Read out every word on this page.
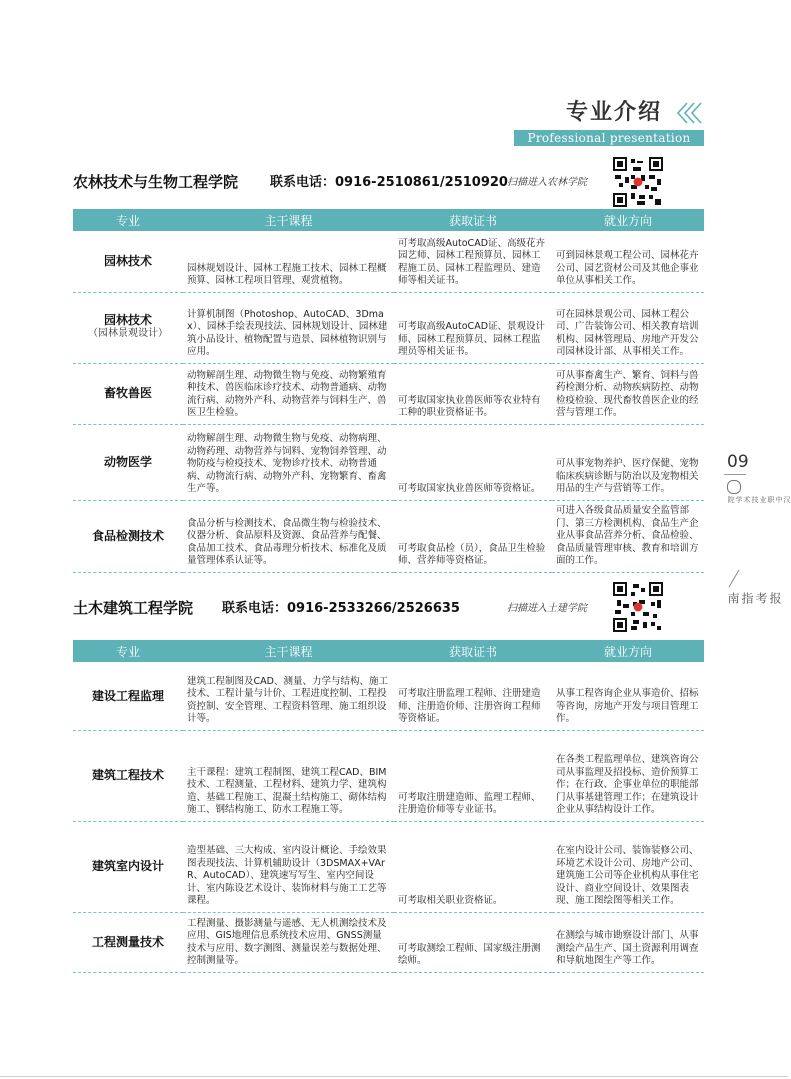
专业介绍
Professional presentation
农林技术与生物工程学院 联系电话：0916-2510861/2510920 扫描进入农林学院
专业	主干课程	获取证书	就业方向
园林技术	园林规划设计、园林工程施工技术、园林工程概预算、园林工程项目管理、观赏植物。	可考取高级AutoCAD证、高级花卉园艺师、园林工程预算员、园林工程施工员、园林工程监理员、建造师等相关证书。	可到园林景观工程公司、园林花卉公司、园艺资材公司及其他企事业单位从事相关工作。
园林技术
（园林景观设计）	计算机制图（Photoshop、AutoCAD、3Dmax）、园林手绘表现技法、园林规划设计、园林建筑小品设计、植物配置与造景、园林植物识别与应用。	可考取高级AutoCAD证、景观设计师、园林工程预算员、园林工程监理员等相关证书。	可在园林景观公司、园林工程公司、广告装饰公司、相关教育培训机构、园林管理局、房地产开发公司园林设计部、从事相关工作。
畜牧兽医	动物解剖生理、动物微生物与免疫、动物繁殖育种技术、兽医临床诊疗技术、动物普通病、动物流行病、动物外产科、动物营养与饲料生产、兽医卫生检验。	可考取国家执业兽医师等农业特有工种的职业资格证书。	可从事畜禽生产、繁育、饲料与兽药检测分析、动物疾病防控、动物检疫检验、现代畜牧兽医企业的经营与管理工作。
动物医学	动物解剖生理、动物微生物与免疫、动物病理、动物药理、动物营养与饲料、宠物饲养管理、动物防疫与检疫技术、宠物诊疗技术、动物普通病、动物流行病、动物外产科、宠物繁育、畜禽生产等。	可考取国家执业兽医师等资格证。	可从事宠物养护、医疗保健、宠物临床疾病诊断与防治以及宠物相关用品的生产与营销等工作。
食品检测技术	食品分析与检测技术、食品微生物与检验技术、仪器分析、食品原料及资源、食品营养与配餐、食品加工技术、食品毒理分析技术、标准化及质量管理体系认证等。	可考取食品检（员），食品卫生检验师、营养师等资格证。	可进入各级食品质量安全监管部门、第三方检测机构、食品生产企业从事食品营养分析、食品检验、食品质量管理审核、教育和培训方面的工作。
土木建筑工程学院 联系电话：0916-2533266/2526635	扫描进入土建学院
专业	主干课程	获取证书	就业方向
建设工程监理	建筑工程制图及CAD、测量、力学与结构、施工技术、工程计量与计价、工程进度控制、工程投资控制、安全管理、工程资料管理、施工组织设计等。	可考取注册监理工程师、注册建造师、注册造价师、注册咨询工程师等资格证。	从事工程咨询企业从事造价、招标等咨询，房地产开发与项目管理工作。
建筑工程技术	主干课程：建筑工程制图、建筑工程CAD、BIM技术、工程测量、工程材料、建筑力学、建筑构造、基础工程施工、混凝土结构施工、砌体结构施工、钢结构施工、防水工程施工等。	可考取注册建造师、监理工程师、注册造价师等专业证书。	在各类工程监理单位、建筑咨询公司从事监理及招投标、造价预算工作；在行政、企事业单位的职能部门从事基建管理工作；在建筑设计企业从事结构设计工作。
建筑室内设计	造型基础、三大构成、室内设计概论、手绘效果图表现技法、计算机辅助设计（3DSMAX+VArR、AutoCAD）、建筑速写写生、室内空间设计、室内陈设艺术设计、装饰材料与施工工艺等课程。	可考取相关职业资格证。	在室内设计公司、装饰装修公司、环境艺术设计公司、房地产公司、建筑施工公司等企业机构从事住宅设计、商业空间设计、效果图表现、施工图绘图等相关工作。
工程测量技术	工程测量、摄影测量与遥感、无人机测绘技术及应用、GIS地理信息系统技术应用、GNSS测量技术与应用、数字测图、测量误差与数据处理、控制测量等。	可考取测绘工程师、国家级注册测绘师。	在测绘与城市勘察设计部门、从事测绘产品生产、国土资源利用调查和导航地图生产等工作。
09
汉中职业技术学院
报考指南
